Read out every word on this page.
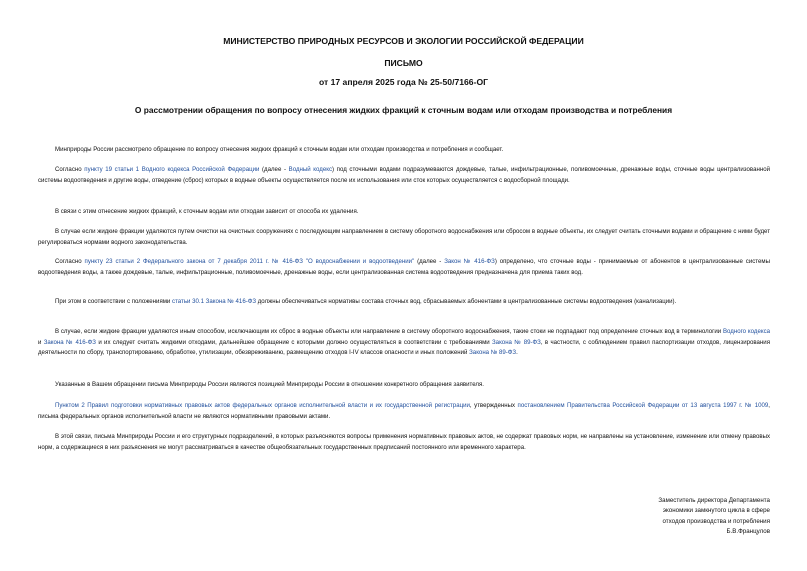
МИНИСТЕРСТВО ПРИРОДНЫХ РЕСУРСОВ И ЭКОЛОГИИ РОССИЙСКОЙ ФЕДЕРАЦИИ
ПИСЬМО
от 17 апреля 2025 года № 25-50/7166-ОГ
О рассмотрении обращения по вопросу отнесения жидких фракций к сточным водам или отходам производства и потребления

Минприроды России рассмотрело обращение по вопросу отнесения жидких фракций к сточным водам или отходам производства и потребления и сообщает.

Согласно пункту 19 статьи 1 Водного кодекса Российской Федерации (далее - Водный кодекс) под сточными водами подразумеваются дождевые, талые, инфильтрационные, поливомоечные, дренажные воды, сточные воды централизованной системы водоотведения и другие воды, отведение (сброс) которых в водные объекты осуществляется после их использования или сток которых осуществляется с водосборной площади.

В связи с этим отнесение жидких фракций, к сточным водам или отходам зависит от способа их удаления.

В случае если жидкие фракции удаляются путем очистки на очистных сооружениях с последующим направлением в систему оборотного водоснабжения или сбросом в водные объекты, их следует считать сточными водами и обращение с ними будет регулироваться нормами водного законодательства.

Согласно пункту 23 статьи 2 Федерального закона от 7 декабря 2011 г. № 416-ФЗ "О водоснабжении и водоотведении" (далее - Закон № 416-ФЗ) определено, что сточные воды - принимаемые от абонентов в централизованные системы водоотведения воды, а также дождевые, талые, инфильтрационные, поливомоечные, дренажные воды, если централизованная система водоотведения предназначена для приема таких вод.

При этом в соответствии с положениями статьи 30.1 Закона № 416-ФЗ должны обеспечиваться нормативы состава сточных вод, сбрасываемых абонентами в централизованные системы водоотведения (канализации).

В случае, если жидкие фракции удаляются иным способом, исключающим их сброс в водные объекты или направление в систему оборотного водоснабжения, такие стоки не подпадают под определение сточных вод в терминологии Водного кодекса и Закона № 416-ФЗ и их следует считать жидкими отходами, дальнейшее обращение с которыми должно осуществляться в соответствии с требованиями Закона № 89-ФЗ, в частности, с соблюдением правил паспортизации отходов, лицензирования деятельности по сбору, транспортированию, обработке, утилизации, обезвреживанию, размещению отходов I-IV классов опасности и иных положений Закона № 89-ФЗ.

Указанные в Вашем обращении письма Минприроды России являются позицией Минприроды России в отношении конкретного обращения заявителя.

Пунктом 2 Правил подготовки нормативных правовых актов федеральных органов исполнительной власти и их государственной регистрации, утвержденных постановлением Правительства Российской Федерации от 13 августа 1997 г. № 1009, письма федеральных органов исполнительной власти не являются нормативными правовыми актами.

В этой связи, письма Минприроды России и его структурных подразделений, в которых разъясняются вопросы применения нормативных правовых актов, не содержат правовых норм, не направлены на установление, изменение или отмену правовых норм, а содержащиеся в них разъяснения не могут рассматриваться в качестве общеобязательных государственных предписаний постоянного или временного характера.

Заместитель директора Департамента
экономики замкнутого цикла в сфере
отходов производства и потребления
Б.В.Францулов
